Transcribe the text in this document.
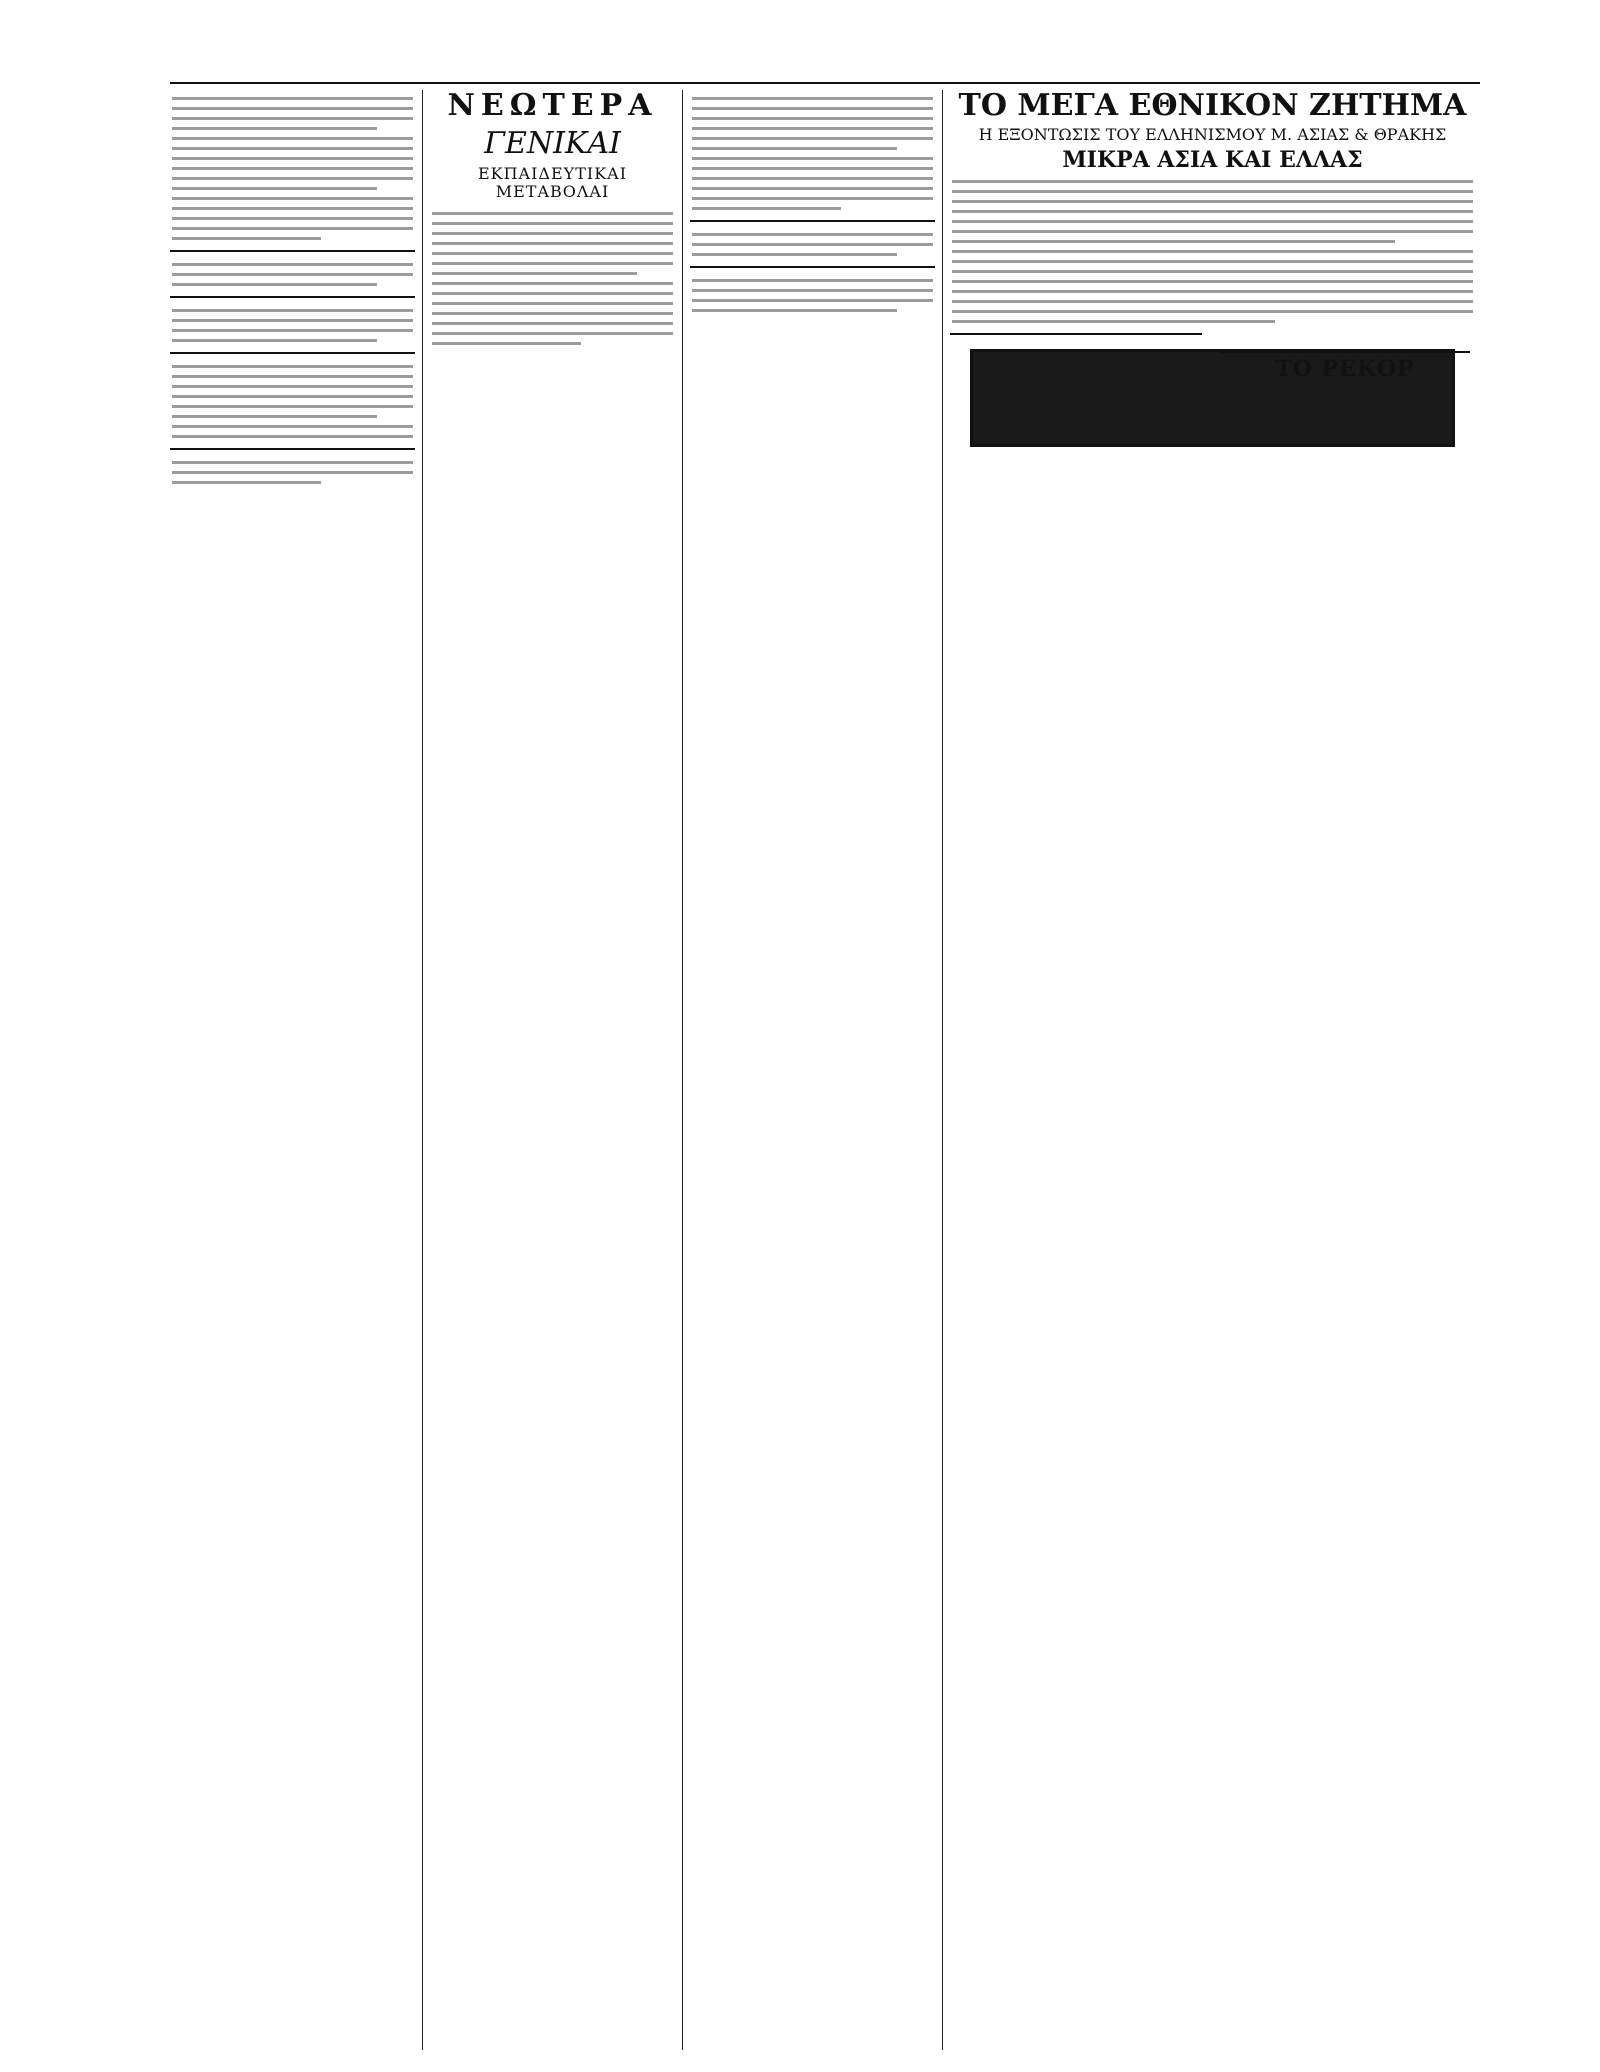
ΝΕΩΤΕΡΑ
ΓΕΝΙΚΑΙ
ΕΚΠΑΙΔΕΥΤΙΚΑΙ ΜΕΤΑΒΟΛΑΙ
ΤΟ ΜΕΓΑ ΕΘΝΙΚΟΝ ΖΗΤΗΜΑ
Η ΕΞΟΝΤΩΣΙΣ ΤΟΥ ΕΛΛΗΝΙΣΜΟΥ Μ. ΑΣΙΑΣ & ΘΡΑΚΗΣ
ΜΙΚΡΑ ΑΣΙΑ ΚΑΙ ΕΛΛΑΣ
ΤΟ ΡΕΚΟΡ
